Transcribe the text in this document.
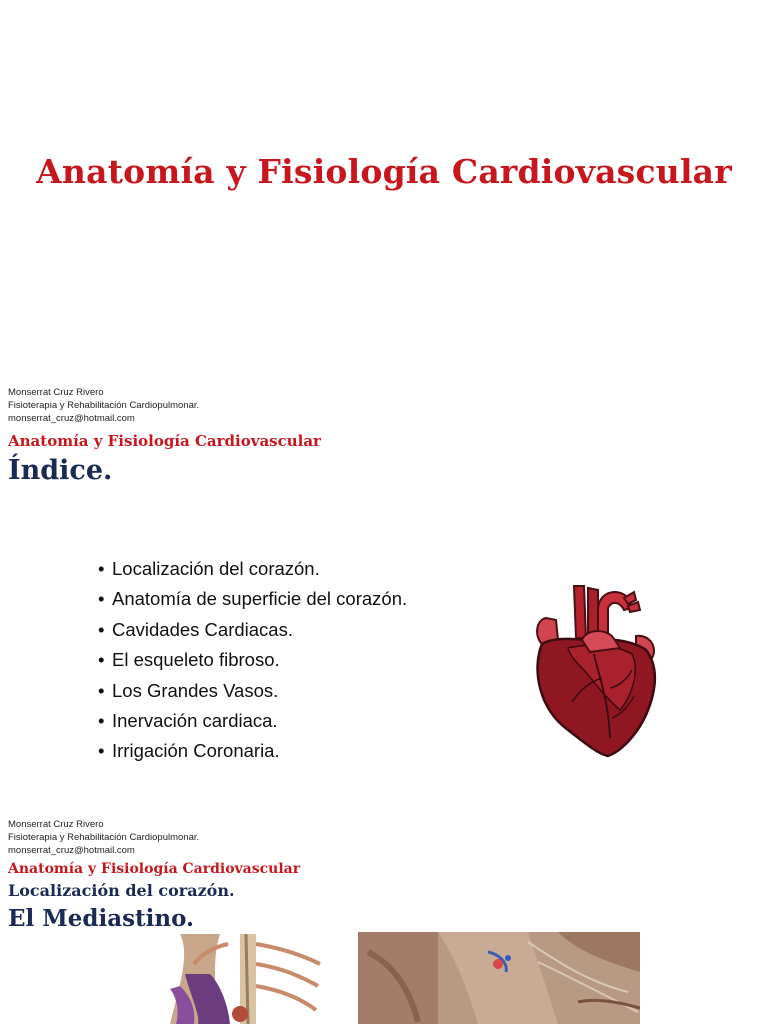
Anatomía y Fisiología Cardiovascular
Monserrat Cruz Rivero
Fisioterapia y Rehabilitación Cardiopulmonar.
monserrat_cruz@hotmail.com
Anatomía y Fisiología Cardiovascular
Índice.
• Localización del corazón.
• Anatomía de superficie del corazón.
• Cavidades Cardiacas.
• El esqueleto fibroso.
• Los Grandes Vasos.
• Inervación cardiaca.
• Irrigación Coronaria.
Monserrat Cruz Rivero
Fisioterapia y Rehabilitación Cardiopulmonar.
monserrat_cruz@hotmail.com
Anatomía y Fisiología Cardiovascular
Localización del corazón.
El Mediastino.
